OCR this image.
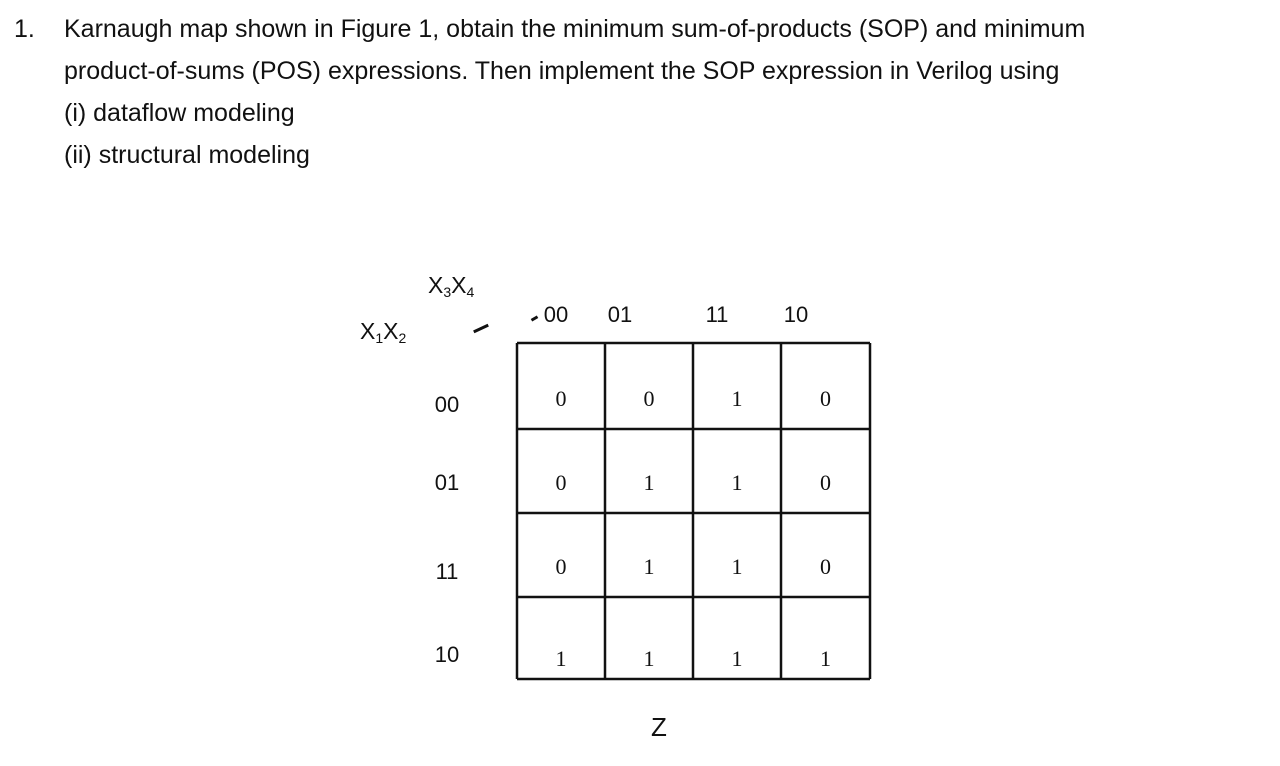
1. Karnaugh map shown in Figure 1, obtain the minimum sum-of-products (SOP) and minimum
product-of-sums (POS) expressions. Then implement the SOP expression in Verilog using
(i) dataflow modeling
(ii) structural modeling
$X_3X_4$
$X_1X_2$
00	01	11	10
00
01
11
10
0	0	1	0
0	1	1	0
0	1	1	0
1	1	1	1
Z
